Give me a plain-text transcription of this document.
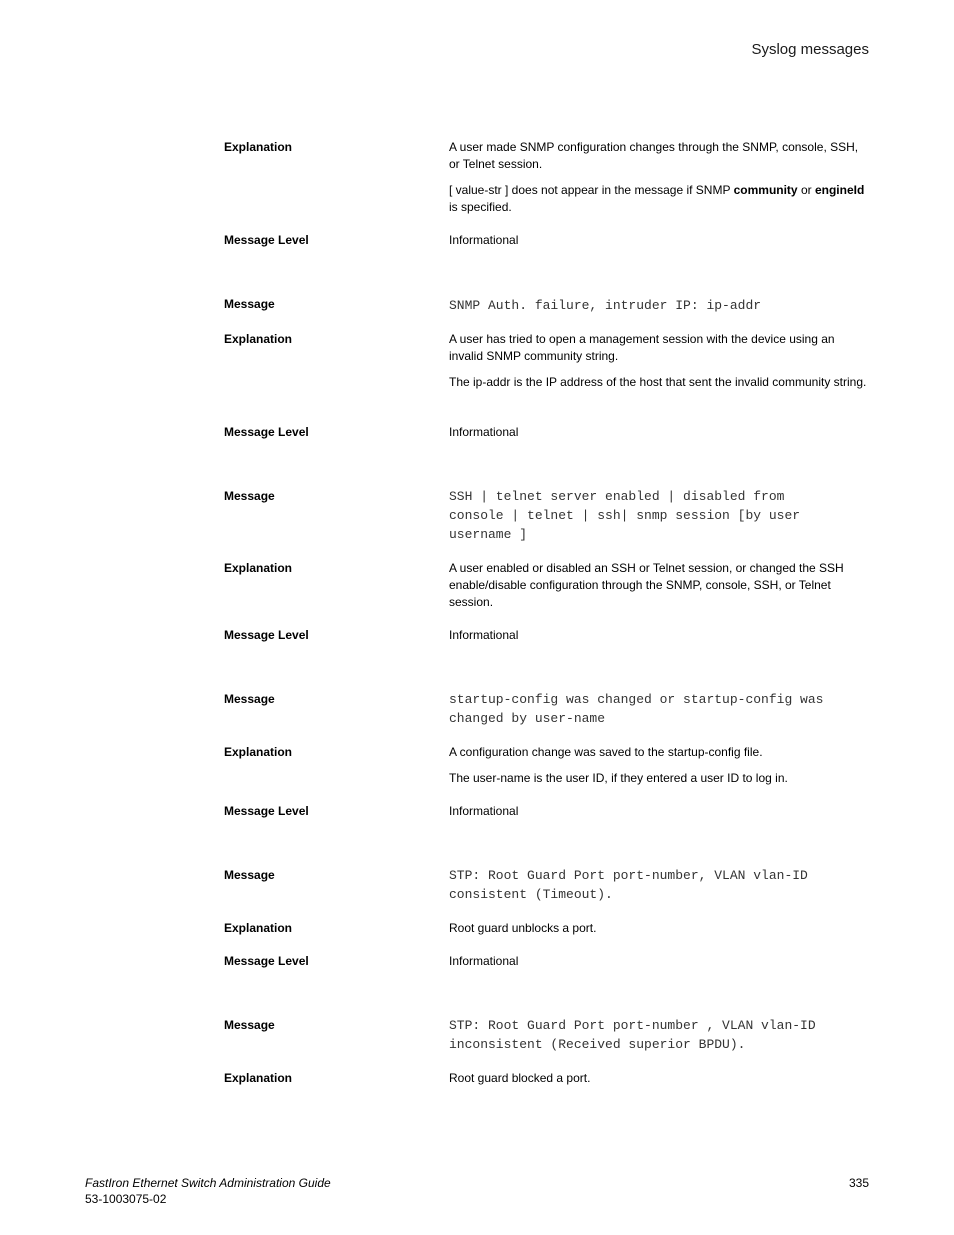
Syslog messages
Explanation	A user made SNMP configuration changes through the SNMP, console, SSH, or Telnet session.

[ value-str ] does not appear in the message if SNMP community or engineId is specified.

Message Level	Informational
Message	SNMP Auth. failure, intruder IP: ip-addr
Explanation	A user has tried to open a management session with the device using an invalid SNMP community string.

The ip-addr is the IP address of the host that sent the invalid community string.

Message Level	Informational
Message	SSH | telnet server enabled | disabled from
console | telnet | ssh| snmp session [by user
username ]
Explanation	A user enabled or disabled an SSH or Telnet session, or changed the SSH enable/disable configuration through the SNMP, console, SSH, or Telnet session.

Message Level	Informational
Message	startup-config was changed or startup-config was
changed by user-name
Explanation	A configuration change was saved to the startup-config file.

The user-name is the user ID, if they entered a user ID to log in.

Message Level	Informational
Message	STP: Root Guard Port port-number, VLAN vlan-ID
consistent (Timeout).
Explanation	Root guard unblocks a port.

Message Level	Informational
Message	STP: Root Guard Port port-number , VLAN vlan-ID
inconsistent (Received superior BPDU).
Explanation	Root guard blocked a port.

FastIron Ethernet Switch Administration Guide
53-1003075-02
335
